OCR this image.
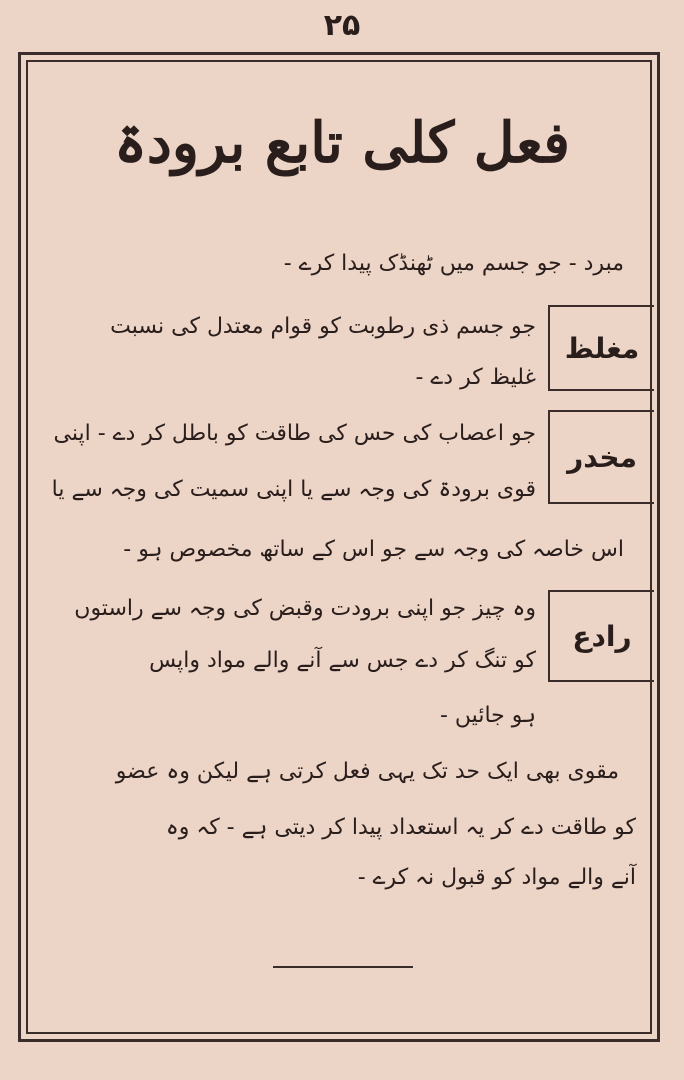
۲۵
فعل کلی تابع برودۃ
مبرد - جو جسم میں ٹھنڈک پیدا کرے -
مغلظ
جو جسم ذی رطوبت کو قوام معتدل کی نسبت
غلیظ کر دے -
مخدر
جو اعصاب کی حس کی طاقت کو باطل کر دے - اپنی
قوی برودۃ کی وجہ سے یا اپنی سمیت کی وجہ سے یا
اس خاصہ کی وجہ سے جو اس کے ساتھ مخصوص ہو -
رادع
وہ چیز جو اپنی برودت وقبض کی وجہ سے راستوں
کو تنگ کر دے جس سے آنے والے مواد واپس
ہو جائیں -
مقوی بھی ایک حد تک یہی فعل کرتی ہے لیکن وہ عضو
کو طاقت دے کر یہ استعداد پیدا کر دیتی ہے - کہ وہ
آنے والے مواد کو قبول نہ کرے -
